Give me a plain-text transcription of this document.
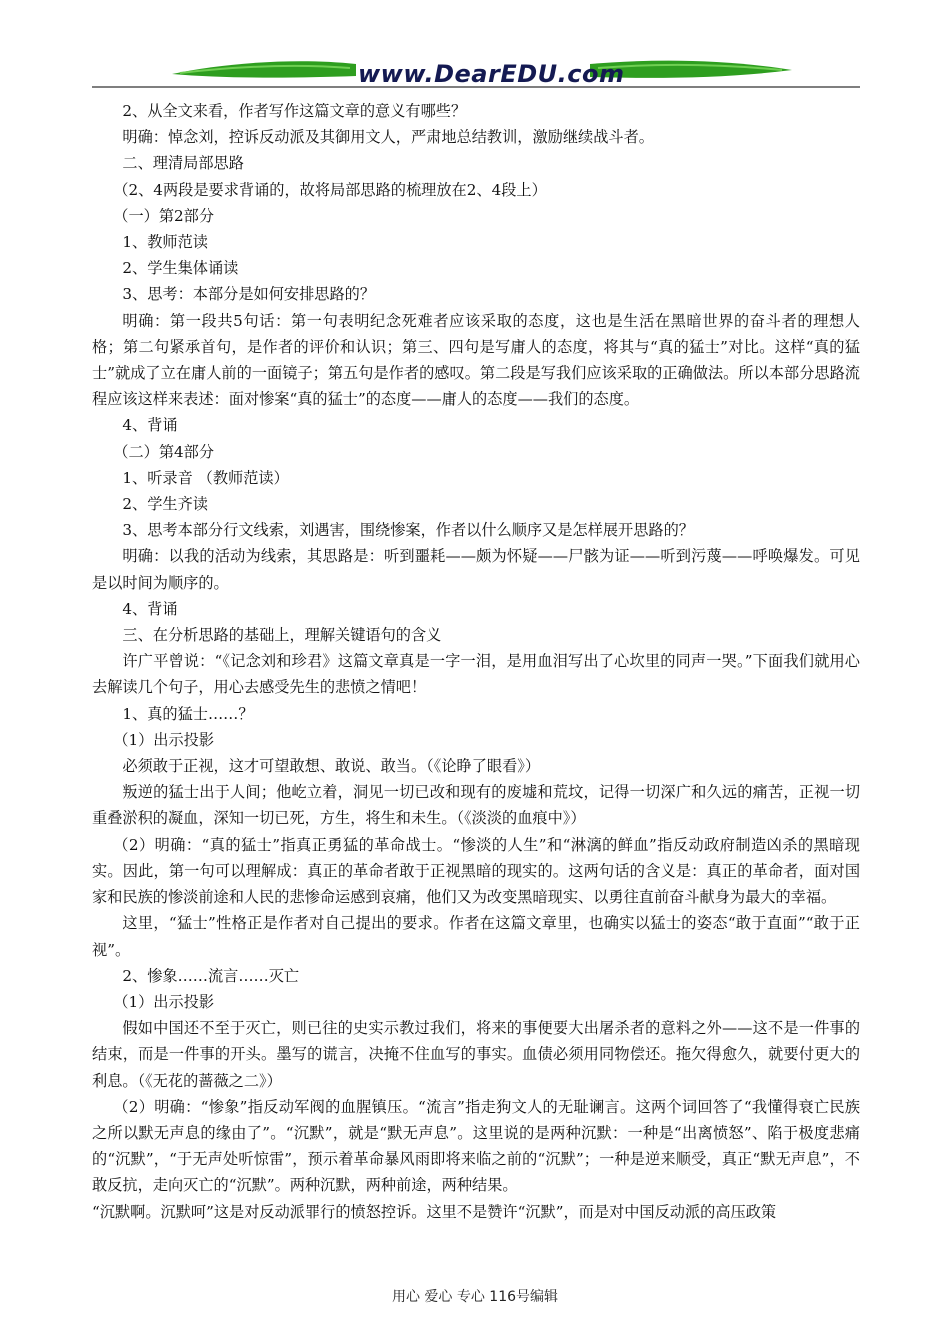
www.DearEDU.com

2、从全文来看，作者写作这篇文章的意义有哪些？

明确：悼念刘，控诉反动派及其御用文人，严肃地总结教训，激励继续战斗者。

二、理清局部思路

（2、4两段是要求背诵的，故将局部思路的梳理放在2、4段上）

（一）第2部分

1、教师范读

2、学生集体诵读

3、思考：本部分是如何安排思路的？

明确：第一段共5句话：第一句表明纪念死难者应该采取的态度，这也是生活在黑暗世界的奋斗者的理想人格；第二句紧承首句，是作者的评价和认识；第三、四句是写庸人的态度，将其与“真的猛士”对比。这样“真的猛士”就成了立在庸人前的一面镜子；第五句是作者的感叹。第二段是写我们应该采取的正确做法。所以本部分思路流程应该这样来表述：面对惨案“真的猛士”的态度——庸人的态度——我们的态度。

4、背诵

（二）第4部分

1、听录音 （教师范读）

2、学生齐读

3、思考本部分行文线索，刘遇害，围绕惨案，作者以什么顺序又是怎样展开思路的？

明确：以我的活动为线索，其思路是：听到噩耗——颇为怀疑——尸骸为证——听到污蔑——呼唤爆发。可见是以时间为顺序的。

4、背诵

三、在分析思路的基础上，理解关键语句的含义

许广平曾说：“《记念刘和珍君》这篇文章真是一字一泪，是用血泪写出了心坎里的同声一哭。”下面我们就用心去解读几个句子，用心去感受先生的悲愤之情吧！

1、真的猛士……？

（1）出示投影

必须敢于正视，这才可望敢想、敢说、敢当。（《论睁了眼看》）

叛逆的猛士出于人间；他屹立着，洞见一切已改和现有的废墟和荒坟，记得一切深广和久远的痛苦，正视一切重叠淤积的凝血，深知一切已死，方生，将生和未生。（《淡淡的血痕中》）

（2）明确：“真的猛士”指真正勇猛的革命战士。“惨淡的人生”和“淋漓的鲜血”指反动政府制造凶杀的黑暗现实。因此，第一句可以理解成：真正的革命者敢于正视黑暗的现实的。这两句话的含义是：真正的革命者，面对国家和民族的惨淡前途和人民的悲惨命运感到哀痛，他们又为改变黑暗现实、以勇往直前奋斗献身为最大的幸福。

这里，“猛士”性格正是作者对自己提出的要求。作者在这篇文章里，也确实以猛士的姿态“敢于直面”“敢于正视”。

2、惨象……流言……灭亡

（1）出示投影

假如中国还不至于灭亡，则已往的史实示教过我们，将来的事便要大出屠杀者的意料之外——这不是一件事的结束，而是一件事的开头。墨写的谎言，决掩不住血写的事实。血债必须用同物偿还。拖欠得愈久，就要付更大的利息。（《无花的蔷薇之二》）

（2）明确：“惨象”指反动军阀的血腥镇压。“流言”指走狗文人的无耻谰言。这两个词回答了“我懂得衰亡民族之所以默无声息的缘由了”。“沉默”，就是“默无声息”。这里说的是两种沉默：一种是“出离愤怒”、陷于极度悲痛的“沉默”，“于无声处听惊雷”，预示着革命暴风雨即将来临之前的“沉默”；一种是逆来顺受，真正“默无声息”，不敢反抗，走向灭亡的“沉默”。两种沉默，两种前途，两种结果。

“沉默啊。沉默呵”这是对反动派罪行的愤怒控诉。这里不是赞许“沉默”，而是对中国反动派的高压政策

用心 爱心 专心 116号编辑
